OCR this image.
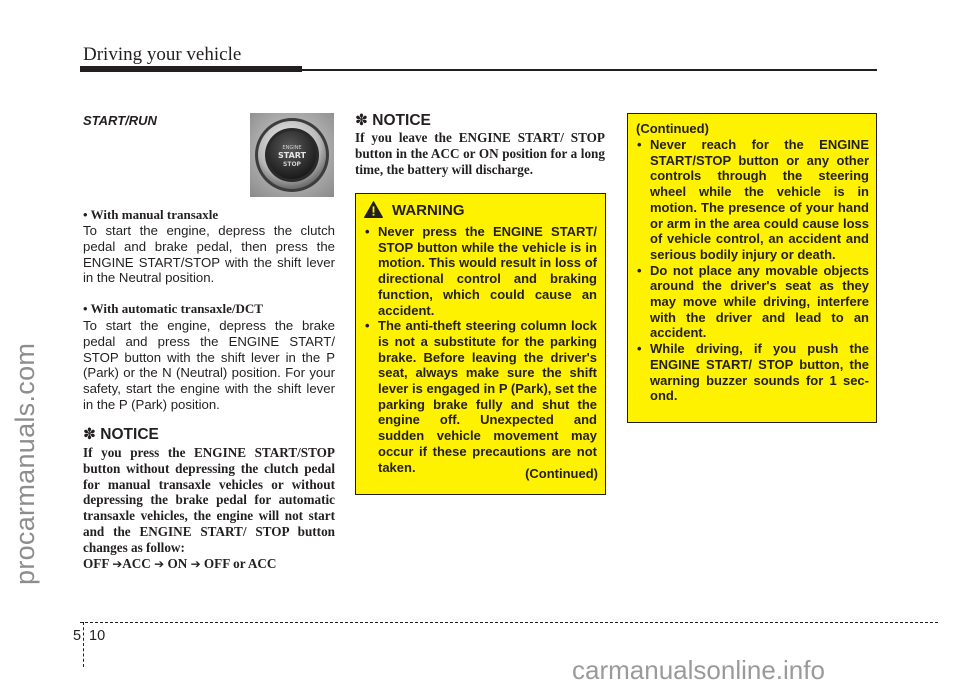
Driving your vehicle
procarmanuals.com
carmanualsonline.info
START/RUN
ENGINE
START
STOP
• With manual transaxle
To start the engine, depress the clutch pedal and brake pedal, then press the ENGINE START/STOP with the shift lever in the Neutral position.
• With automatic transaxle/DCT
To start the engine, depress the brake pedal and press the ENGINE START/ STOP button with the shift lever in the P (Park) or the N (Neutral) position. For your safety, start the engine with the shift lever in the P (Park) position.
✽ NOTICE
If you press the ENGINE START/STOP button without depressing the clutch pedal for manual transaxle vehicles or without depressing the brake pedal for automatic transaxle vehicles, the engine will not start and the ENGINE START/ STOP button changes as follow:
OFF ➔ACC ➔ ON ➔ OFF or ACC
✽ NOTICE
If you leave the ENGINE START/ STOP button in the ACC or ON position for a long time, the battery will discharge.
WARNING
• Never press the ENGINE START/ STOP button while the vehicle is in motion. This would result in loss of directional control and braking function, which could cause an accident.
• The anti-theft steering column lock is not a substitute for the parking brake. Before leaving the driver's seat, always make sure the shift lever is engaged in P (Park), set the parking brake fully and shut the engine off. Unexpected and sudden vehicle movement may occur if these precautions are not taken.	(Continued)
(Continued)
• Never reach for the ENGINE START/STOP button or any other controls through the steering wheel while the vehicle is in motion. The presence of your hand or arm in the area could cause loss of vehicle control, an accident and serious bodily injury or death.
• Do not place any movable objects around the driver's seat as they may move while driving, interfere with the driver and lead to an accident.
• While driving, if you push the ENGINE START/ STOP button, the warning buzzer sounds for 1 sec- ond.
5 10
